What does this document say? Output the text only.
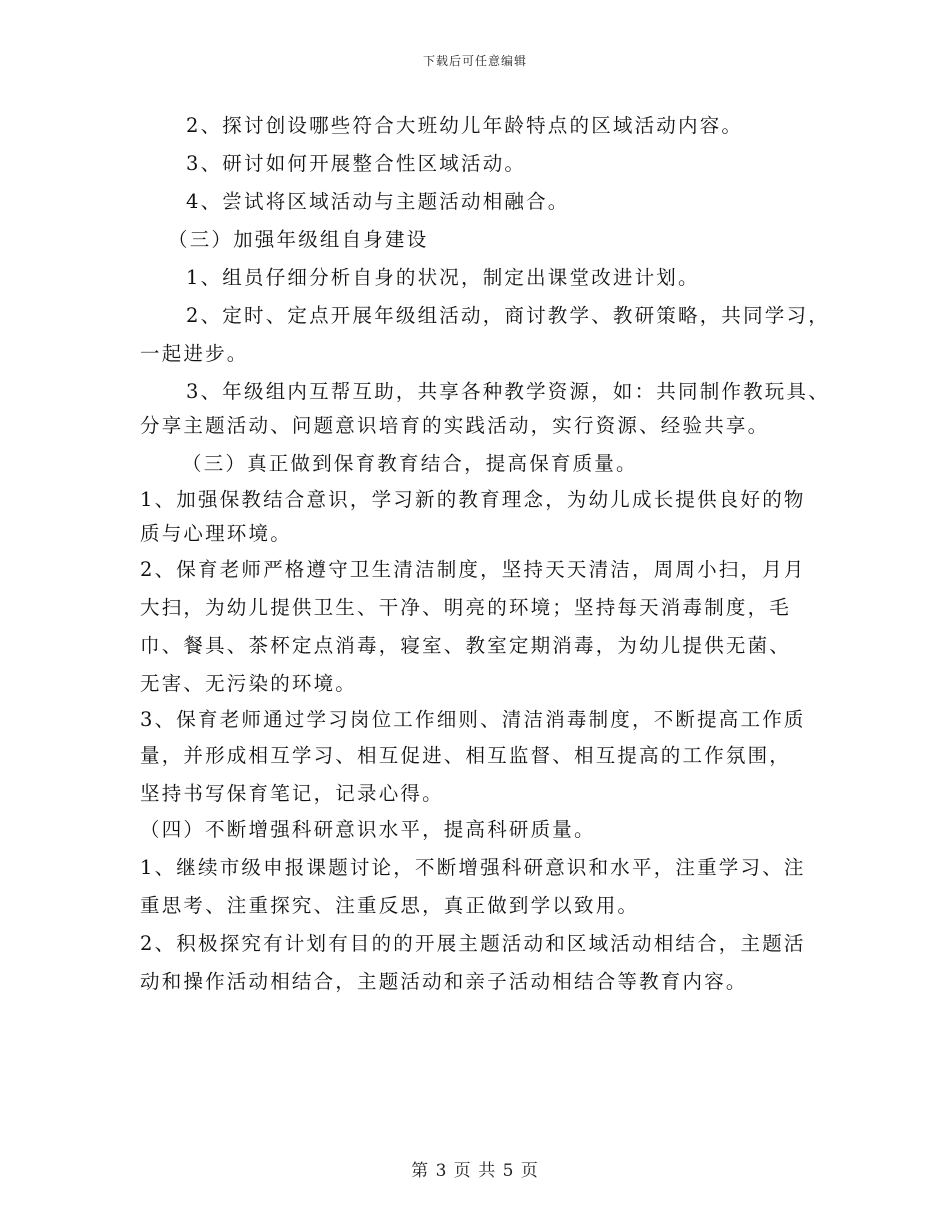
下载后可任意编辑
2、探讨创设哪些符合大班幼儿年龄特点的区域活动内容。
3、研讨如何开展整合性区域活动。
4、尝试将区域活动与主题活动相融合。
（三）加强年级组自身建设
1、组员仔细分析自身的状况，制定出课堂改进计划。
2、定时、定点开展年级组活动，商讨教学、教研策略，共同学习，
一起进步。
3、年级组内互帮互助，共享各种教学资源，如：共同制作教玩具、
分享主题活动、问题意识培育的实践活动，实行资源、经验共享。
（三）真正做到保育教育结合，提高保育质量。
1、加强保教结合意识，学习新的教育理念，为幼儿成长提供良好的物
质与心理环境。
2、保育老师严格遵守卫生清洁制度，坚持天天清洁，周周小扫，月月
大扫，为幼儿提供卫生、干净、明亮的环境；坚持每天消毒制度，毛
巾、餐具、茶杯定点消毒，寝室、教室定期消毒，为幼儿提供无菌、
无害、无污染的环境。
3、保育老师通过学习岗位工作细则、清洁消毒制度，不断提高工作质
量，并形成相互学习、相互促进、相互监督、相互提高的工作氛围，
坚持书写保育笔记，记录心得。
（四）不断增强科研意识水平，提高科研质量。
1、继续市级申报课题讨论，不断增强科研意识和水平，注重学习、注
重思考、注重探究、注重反思，真正做到学以致用。
2、积极探究有计划有目的的开展主题活动和区域活动相结合，主题活
动和操作活动相结合，主题活动和亲子活动相结合等教育内容。
第 3 页 共 5 页
